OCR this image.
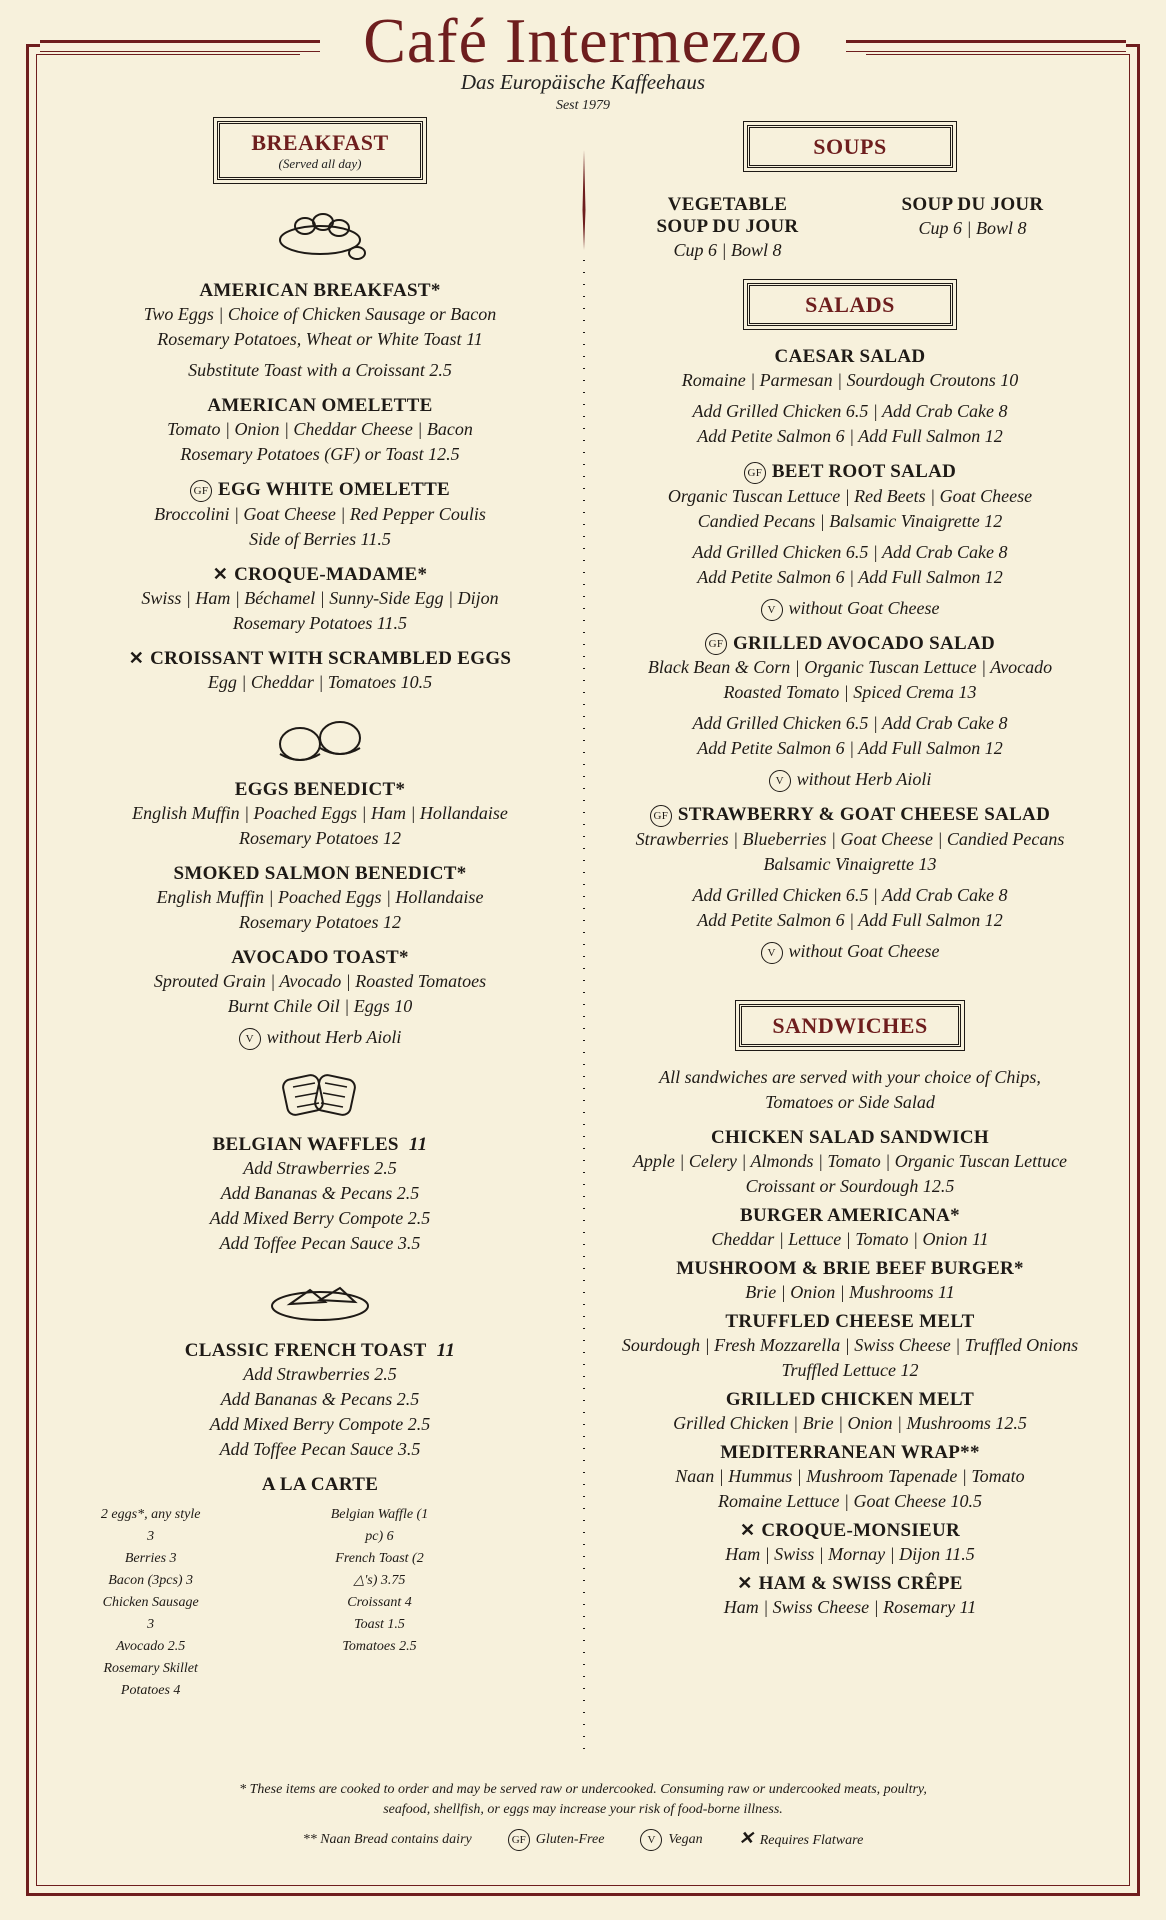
Café Intermezzo
Das Europäische Kaffeehaus
Sest 1979
BREAKFAST
(Served all day)
AMERICAN BREAKFAST*
Two Eggs | Choice of Chicken Sausage or Bacon
Rosemary Potatoes, Wheat or White Toast 11
Substitute Toast with a Croissant 2.5
AMERICAN OMELETTE
Tomato | Onion | Cheddar Cheese | Bacon
Rosemary Potatoes (GF) or Toast 12.5
GF EGG WHITE OMELETTE
Broccolini | Goat Cheese | Red Pepper Coulis
Side of Berries 11.5
✕ CROQUE-MADAME*
Swiss | Ham | Béchamel | Sunny-Side Egg | Dijon
Rosemary Potatoes 11.5
✕ CROISSANT WITH SCRAMBLED EGGS
Egg | Cheddar | Tomatoes 10.5
EGGS BENEDICT*
English Muffin | Poached Eggs | Ham | Hollandaise
Rosemary Potatoes 12
SMOKED SALMON BENEDICT*
English Muffin | Poached Eggs | Hollandaise
Rosemary Potatoes 12
AVOCADO TOAST*
Sprouted Grain | Avocado | Roasted Tomatoes
Burnt Chile Oil | Eggs 10
V without Herb Aioli
BELGIAN WAFFLES 11
Add Strawberries 2.5
Add Bananas & Pecans 2.5
Add Mixed Berry Compote 2.5
Add Toffee Pecan Sauce 3.5
CLASSIC FRENCH TOAST 11
Add Strawberries 2.5
Add Bananas & Pecans 2.5
Add Mixed Berry Compote 2.5
Add Toffee Pecan Sauce 3.5
A LA CARTE
2 eggs*, any style 3
Berries 3
Bacon (3pcs) 3
Chicken Sausage 3
Avocado 2.5
Rosemary Skillet Potatoes 4
Belgian Waffle (1 pc) 6
French Toast (2 △'s) 3.75
Croissant 4
Toast 1.5
Tomatoes 2.5
SOUPS
VEGETABLE
SOUP DU JOUR
Cup 6 | Bowl 8
SOUP DU JOUR
Cup 6 | Bowl 8
SALADS
CAESAR SALAD
Romaine | Parmesan | Sourdough Croutons 10
Add Grilled Chicken 6.5 | Add Crab Cake 8
Add Petite Salmon 6 | Add Full Salmon 12
GF BEET ROOT SALAD
Organic Tuscan Lettuce | Red Beets | Goat Cheese
Candied Pecans | Balsamic Vinaigrette 12
Add Grilled Chicken 6.5 | Add Crab Cake 8
Add Petite Salmon 6 | Add Full Salmon 12
V without Goat Cheese
GF GRILLED AVOCADO SALAD
Black Bean & Corn | Organic Tuscan Lettuce | Avocado
Roasted Tomato | Spiced Crema 13
Add Grilled Chicken 6.5 | Add Crab Cake 8
Add Petite Salmon 6 | Add Full Salmon 12
V without Herb Aioli
GF STRAWBERRY & GOAT CHEESE SALAD
Strawberries | Blueberries | Goat Cheese | Candied Pecans
Balsamic Vinaigrette 13
Add Grilled Chicken 6.5 | Add Crab Cake 8
Add Petite Salmon 6 | Add Full Salmon 12
V without Goat Cheese
SANDWICHES
All sandwiches are served with your choice of Chips,
Tomatoes or Side Salad
CHICKEN SALAD SANDWICH
Apple | Celery | Almonds | Tomato | Organic Tuscan Lettuce
Croissant or Sourdough 12.5
BURGER AMERICANA*
Cheddar | Lettuce | Tomato | Onion 11
MUSHROOM & BRIE BEEF BURGER*
Brie | Onion | Mushrooms 11
TRUFFLED CHEESE MELT
Sourdough | Fresh Mozzarella | Swiss Cheese | Truffled Onions
Truffled Lettuce 12
GRILLED CHICKEN MELT
Grilled Chicken | Brie | Onion | Mushrooms 12.5
MEDITERRANEAN WRAP**
Naan | Hummus | Mushroom Tapenade | Tomato
Romaine Lettuce | Goat Cheese 10.5
✕ CROQUE-MONSIEUR
Ham | Swiss | Mornay | Dijon 11.5
✕ HAM & SWISS CRÊPE
Ham | Swiss Cheese | Rosemary 11
* These items are cooked to order and may be served raw or undercooked. Consuming raw or undercooked meats, poultry,
seafood, shellfish, or eggs may increase your risk of food-borne illness.
** Naan Bread contains dairy	GF Gluten-Free	V Vegan ✕ Requires Flatware
